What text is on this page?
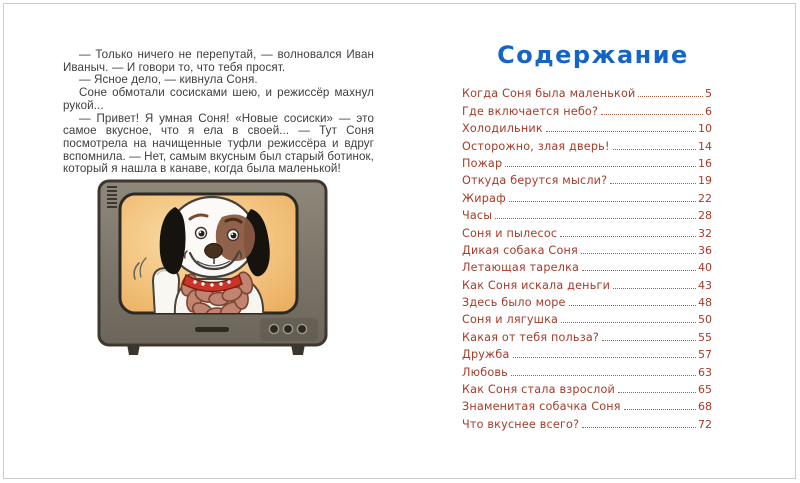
— Только ничего не перепутай, — волновался Иван Иваныч. — И говори то, что тебя просят.

— Ясное дело, — кивнула Соня.

Соне обмотали сосисками шею, и режиссёр махнул рукой...

— Привет! Я умная Соня! «Новые сосиски» — это самое вкусное, что я ела в своей... — Тут Соня посмотрела на начищенные туфли режиссёра и вдруг вспомнила. — Нет, самым вкусным был старый ботинок, который я нашла в канаве, когда была маленькой!

Содержание
Когда Соня была маленькой	5
Где включается небо?	6
Холодильник	10
Осторожно, злая дверь!	14
Пожар	16
Откуда берутся мысли?	19
Жираф	22
Часы	28
Соня и пылесос	32
Дикая собака Соня	36
Летающая тарелка	40
Как Соня искала деньги	43
Здесь было море	48
Соня и лягушка	50
Какая от тебя польза?	55
Дружба	57
Любовь	63
Как Соня стала взрослой	65
Знаменитая собачка Соня	68
Что вкуснее всего?	72
